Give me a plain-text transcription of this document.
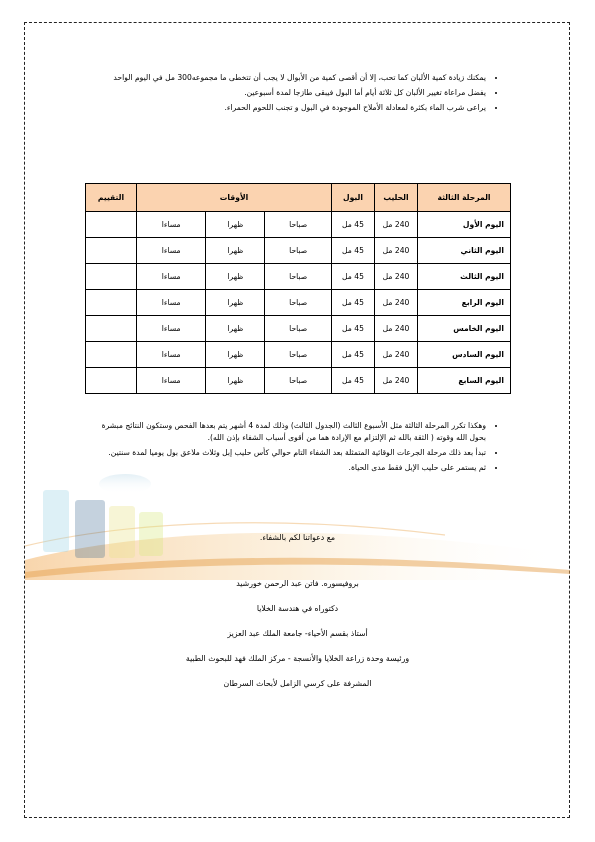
• يمكنك زيادة كمية الألبان كما تحب، إلا أن أقصى كمية من الأبوال لا يجب أن تتخطى ما مجموعه300 مل في اليوم الواحد
• يفضل مراعاة تغيير الألبان كل ثلاثة أيام أما البول فيبقى طازجا لمدة أسبوعين.
• يراعى شرب الماء بكثرة لمعادلة الأملاح الموجودة في البول و تجنب اللحوم الحمراء.
المرحلة الثالثة	الحليب	البول	الأوقات			التقييم
اليوم الأول	240 مل	45 مل	صباحا	ظهرا	مساءا	
اليوم الثاني	240 مل	45 مل	صباحا	ظهرا	مساءا	
اليوم الثالث	240 مل	45 مل	صباحا	ظهرا	مساءا	
اليوم الرابع	240 مل	45 مل	صباحا	ظهرا	مساءا	
اليوم الخامس	240 مل	45 مل	صباحا	ظهرا	مساءا	
اليوم السادس	240 مل	45 مل	صباحا	ظهرا	مساءا	
اليوم السابع	240 مل	45 مل	صباحا	ظهرا	مساءا	
مع دعواتنا لكم بالشفاء.
• وهكذا تكرر المرحلة الثالثة مثل الأسبوع الثالث (الجدول الثالث) وذلك لمدة 4 أشهر يتم بعدها الفحص وستكون النتائج مبشرة بحول الله وقوته ( الثقة بالله ثم الإلتزام مع الإرادة هما من أقوى أسباب الشفاء بإذن الله).
• تبدأ بعد ذلك مرحلة الجرعات الوقائية المتمثلة بعد الشفاء التام حوالي كأس حليب إبل وثلاث ملاعق بول يوميا لمدة سنتين.
• ثم يستمر على حليب الإبل فقط مدى الحياة.
بروفيسوره. فاتن عبد الرحمن خورشيد
دكتوراه في هندسة الخلايا
أستاذ بقسم الأحياء- جامعة الملك عبد العزيز
ورئيسة وحدة زراعة الخلايا والأنسجة - مركز الملك فهد للبحوث الطبية
المشرفة على كرسي الزامل لأبحاث السرطان
